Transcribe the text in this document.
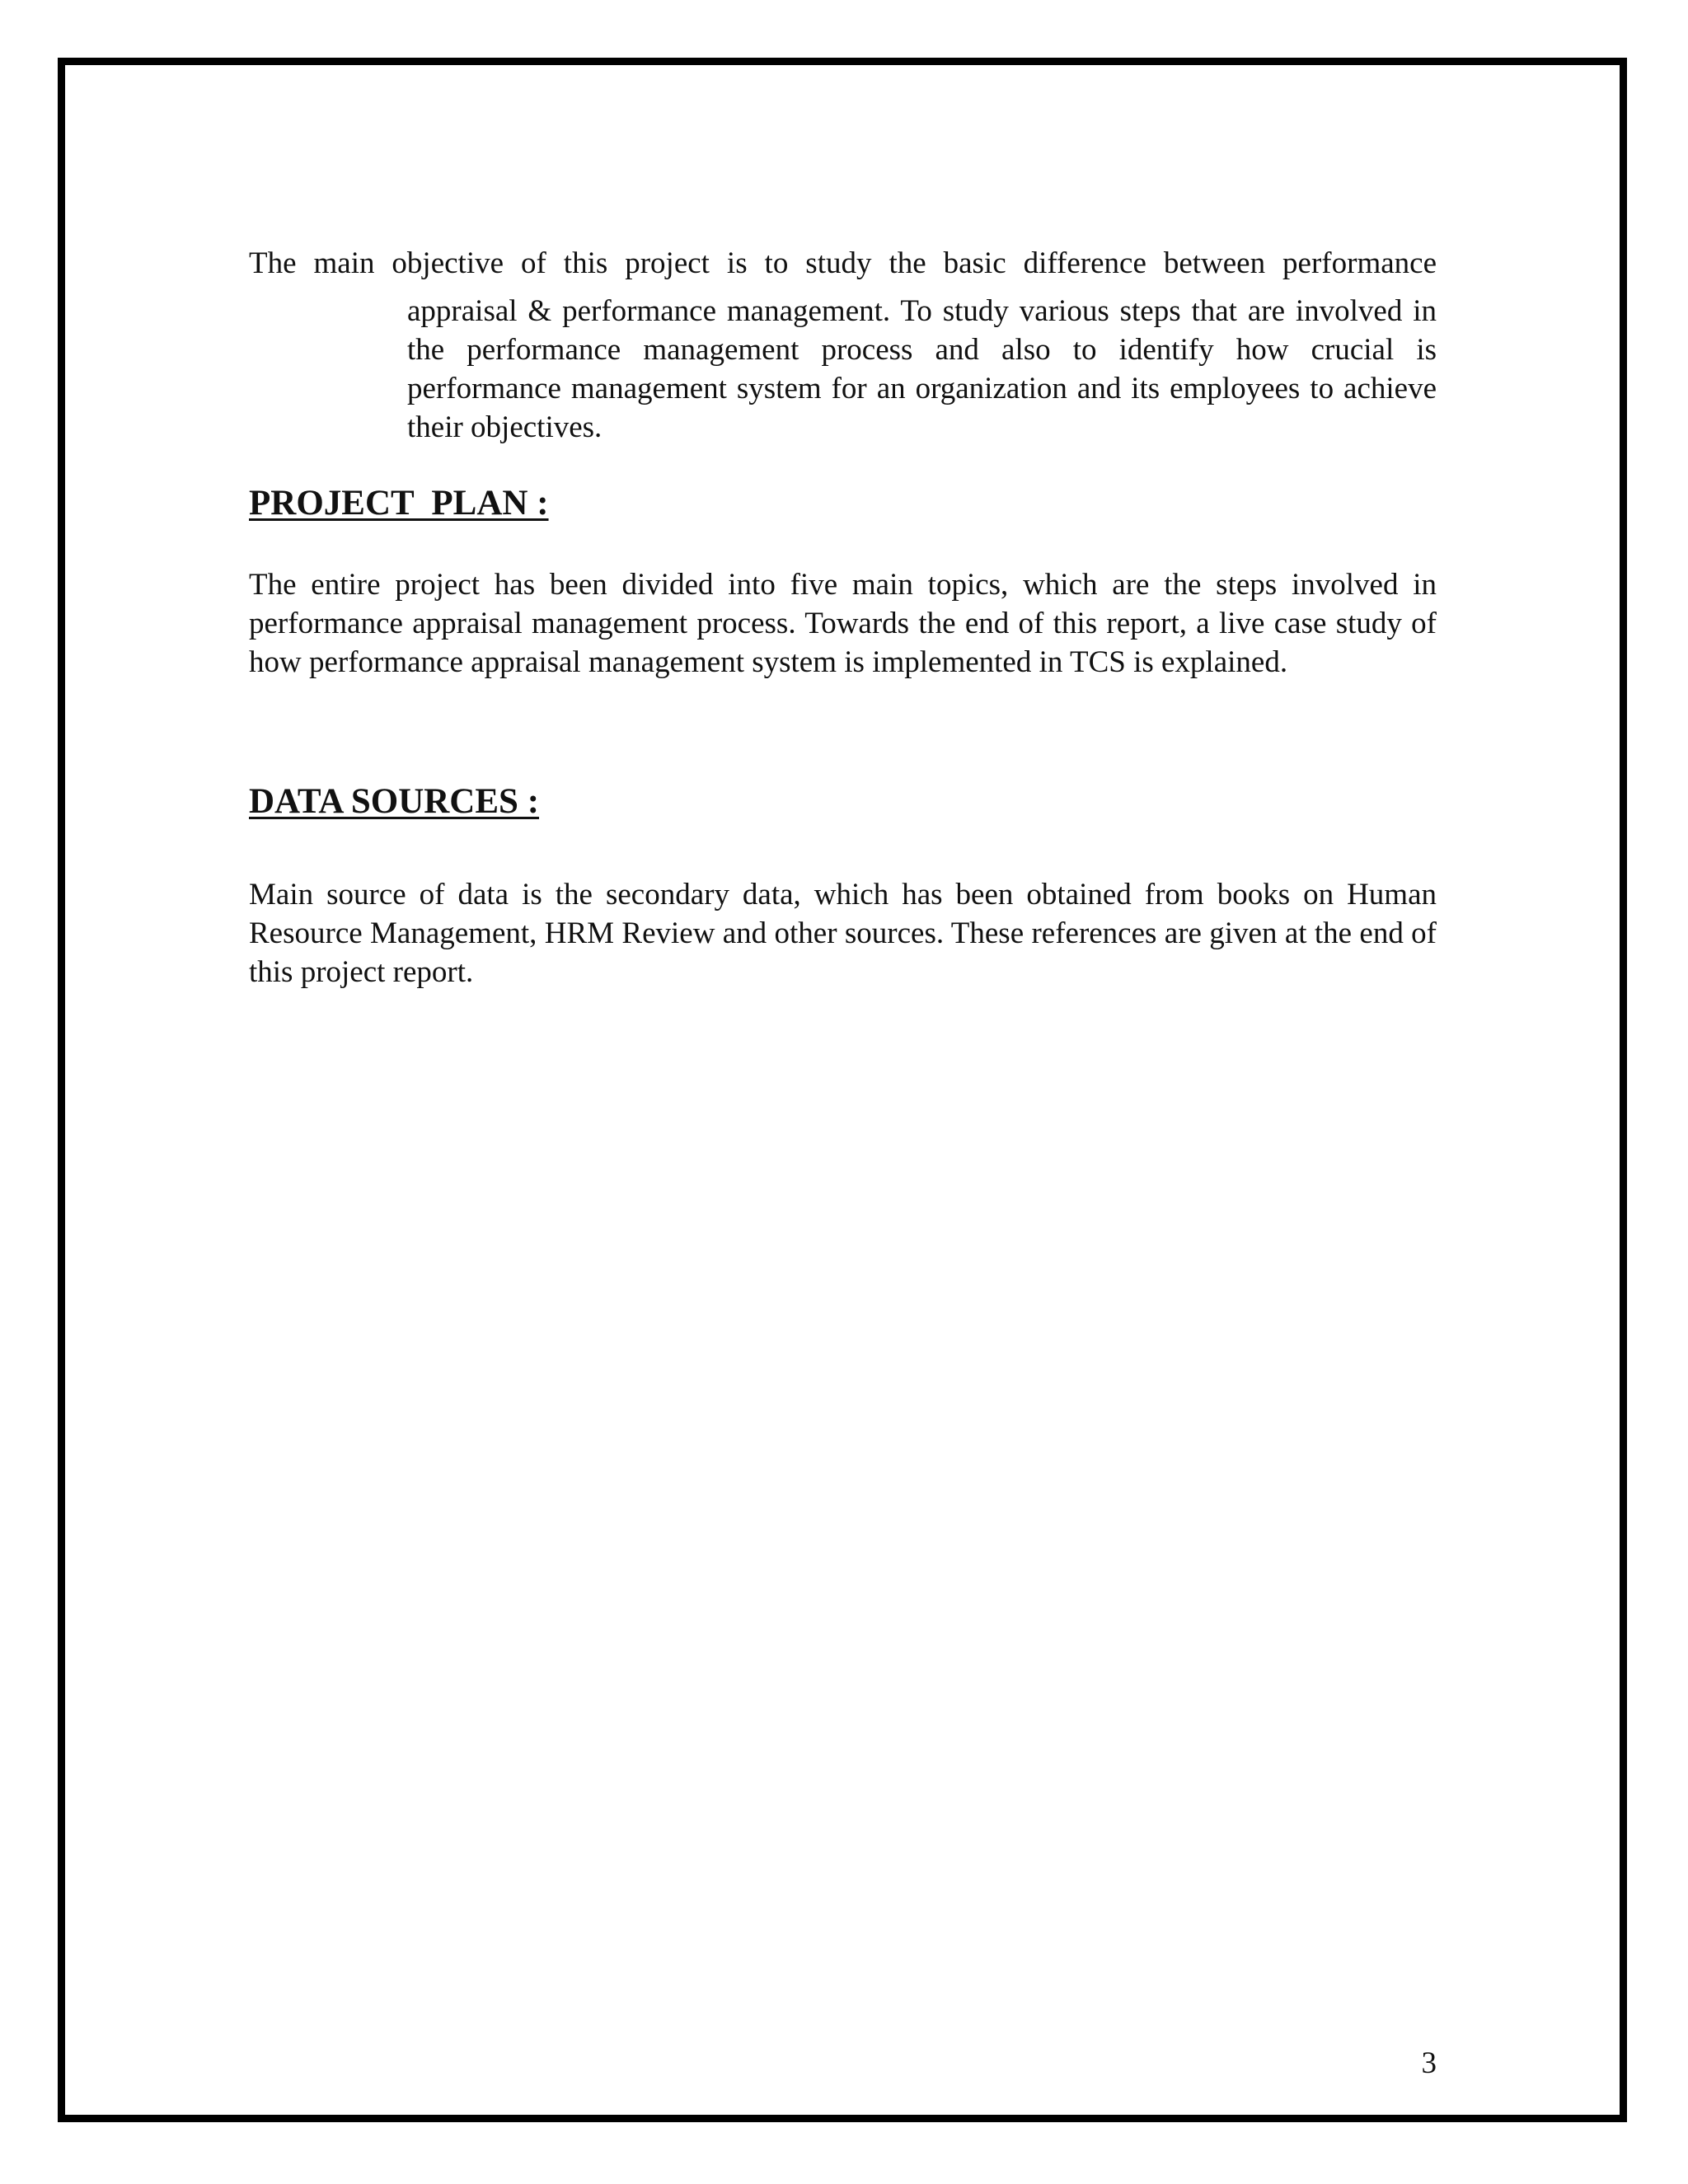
The main objective of this project is to study the basic difference between performance
appraisal & performance management. To study various steps that are involved in the performance management process and also to identify how crucial is performance management system for an organization and its employees to achieve their objectives.
PROJECT  PLAN :
The entire project has been divided into five main topics, which are the steps involved in performance appraisal management process. Towards the end of this report, a live case study of how performance appraisal management system is implemented in TCS is explained.
DATA SOURCES :
Main source of data is the secondary data, which has been obtained from books on Human Resource Management, HRM Review and other sources. These references are given at the end of this project report.
3
